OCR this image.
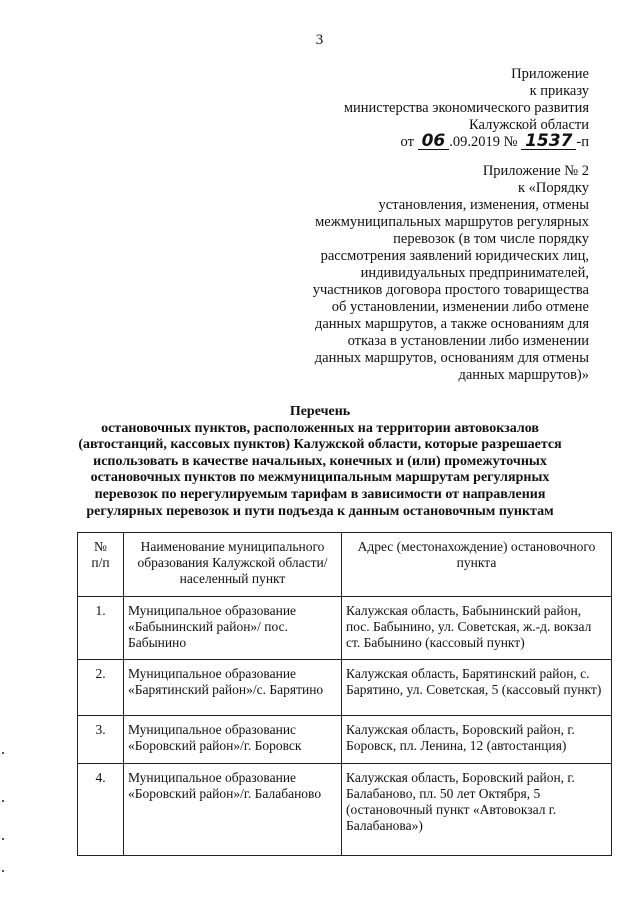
3
Приложение
к приказу
министерства экономического развития
Калужской области
от 06 .09.2019 № 1537 -п
Приложение № 2
к «Порядку
установления, изменения, отмены
межмуниципальных маршрутов регулярных
перевозок (в том числе порядку
рассмотрения заявлений юридических лиц,
индивидуальных предпринимателей,
участников договора простого товарищества
об установлении, изменении либо отмене
данных маршрутов, а также основаниям для
отказа в установлении либо изменении
данных маршрутов, основаниям для отмены
данных маршрутов)»
Перечень
остановочных пунктов, расположенных на территории автовокзалов
(автостанций, кассовых пунктов) Калужской области, которые разрешается
использовать в качестве начальных, конечных и (или) промежуточных
остановочных пунктов по межмуниципальным маршрутам регулярных
перевозок по нерегулируемым тарифам в зависимости от направления
регулярных перевозок и пути подъезда к данным остановочным пунктам
№
п/п	Наименование муниципального образования Калужской области/населенный пункт	Адрес (местонахождение) остановочного пункта
1.	Муниципальное образование «Бабынинский район»/ пос. Бабынино	Калужская область, Бабынинский район, пос. Бабынино, ул. Советская, ж.-д. вокзал ст. Бабынино (кассовый пункт)
2.	Муниципальное образование «Барятинский район»/с. Барятино	Калужская область, Барятинский район, с. Барятино, ул. Советская, 5 (кассовый пункт)
3.	Муниципальное образованис «Боровский район»/г. Боровск	Калужская область, Боровский район, г. Боровск, пл. Ленина, 12 (автостанция)
4.	Муниципальное образование «Боровский район»/г. Балабаново	Калужская область, Боровский район, г. Балабаново, пл. 50 лет Октября, 5 (остановочный пункт «Автовокзал г. Балабанова»)
